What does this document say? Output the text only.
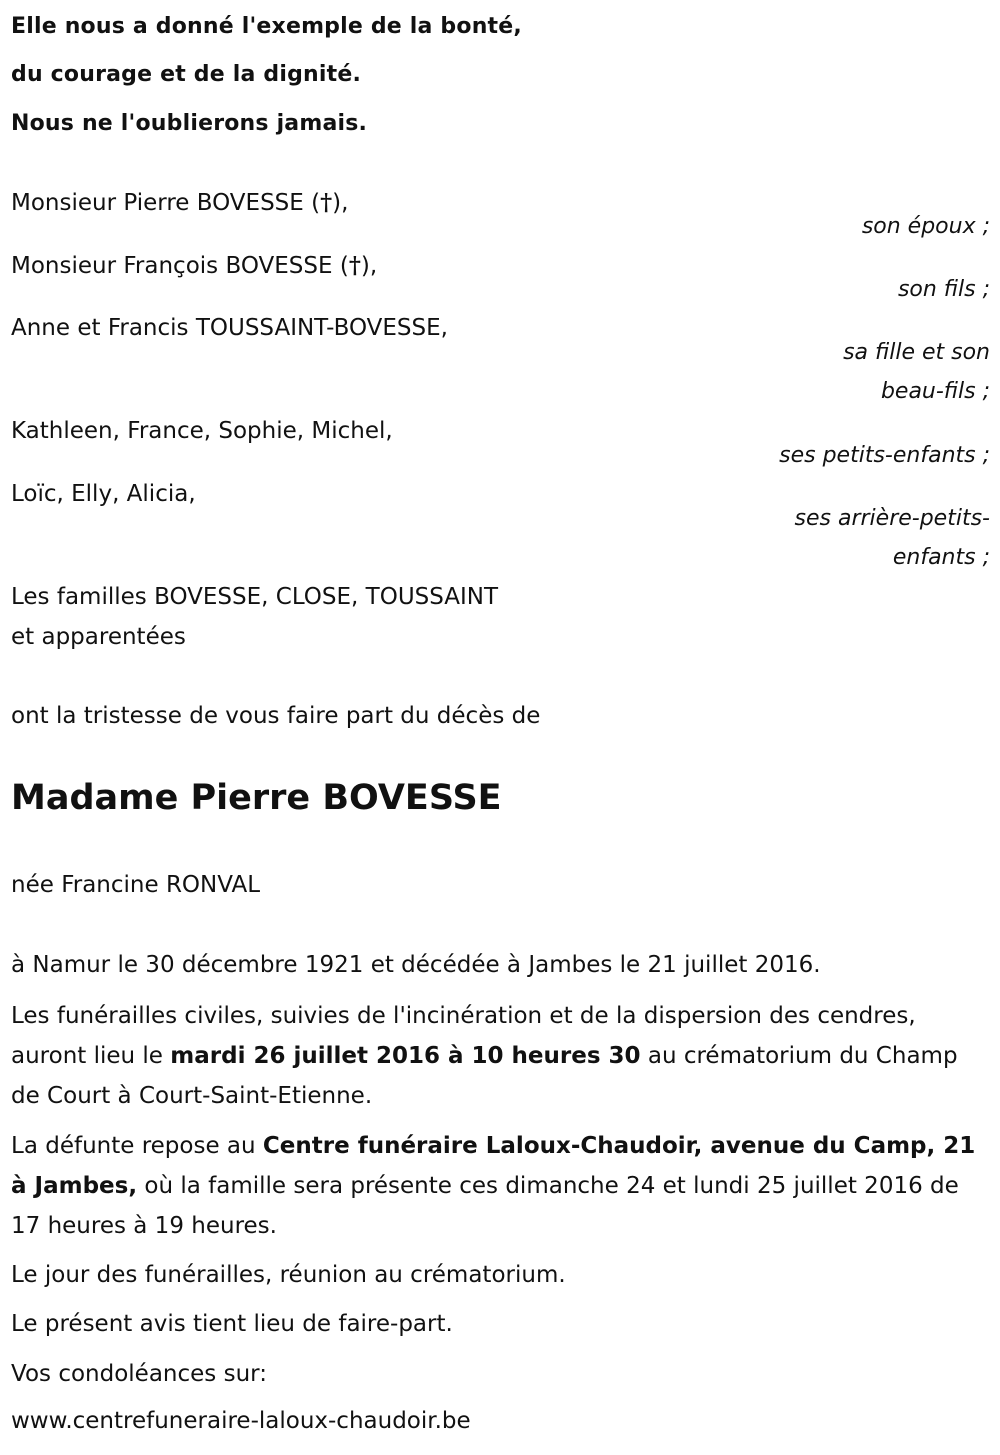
Elle nous a donné l'exemple de la bonté,
du courage et de la dignité.
Nous ne l'oublierons jamais.
Monsieur Pierre BOVESSE (†),
son époux ;
Monsieur François BOVESSE (†),
son fils ;
Anne et Francis TOUSSAINT-BOVESSE,
sa fille et son
beau-fils ;
Kathleen, France, Sophie, Michel,
ses petits-enfants ;
Loïc, Elly, Alicia,
ses arrière-petits-
enfants ;
Les familles BOVESSE, CLOSE, TOUSSAINT
et apparentées
ont la tristesse de vous faire part du décès de
Madame Pierre BOVESSE
née Francine RONVAL
à Namur le 30 décembre 1921 et décédée à Jambes le 21 juillet 2016.
Les funérailles civiles, suivies de l'incinération et de la dispersion des cendres, auront lieu le mardi 26 juillet 2016 à 10 heures 30 au crématorium du Champ de Court à Court-Saint-Etienne.
La défunte repose au Centre funéraire Laloux-Chaudoir, avenue du Camp, 21 à Jambes, où la famille sera présente ces dimanche 24 et lundi 25 juillet 2016 de 17 heures à 19 heures.
Le jour des funérailles, réunion au crématorium.
Le présent avis tient lieu de faire-part.
Vos condoléances sur:
www.centrefuneraire-laloux-chaudoir.be
